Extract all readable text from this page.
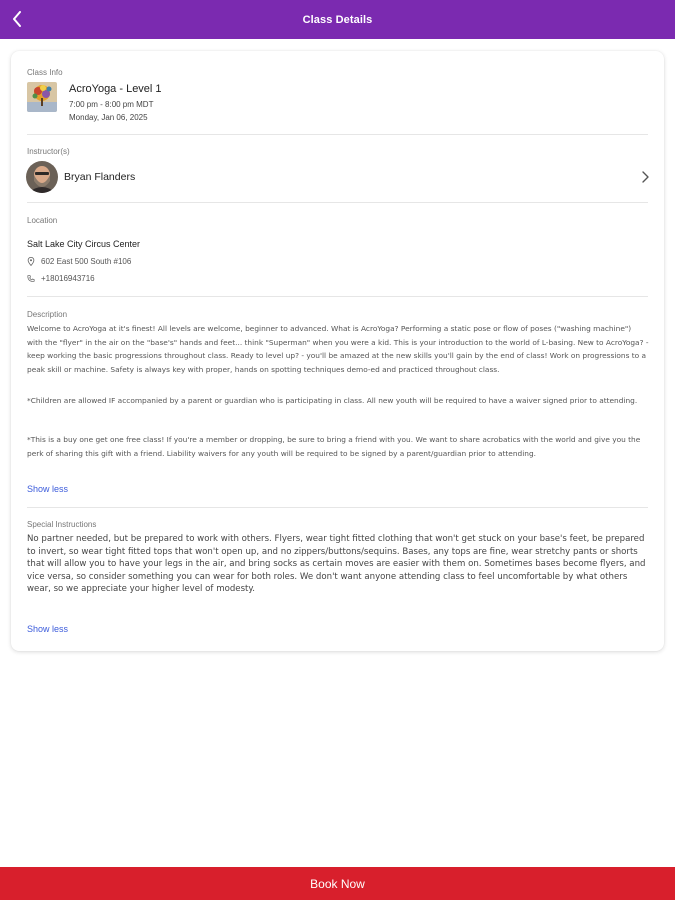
Class Details
Class Info
AcroYoga - Level 1
7:00 pm - 8:00 pm MDT
Monday, Jan 06, 2025
Instructor(s)
Bryan Flanders
Location
Salt Lake City Circus Center
602 East 500 South #106
+18016943716
Description

Welcome to AcroYoga at it's finest! All levels are welcome, beginner to advanced. What is AcroYoga? Performing a static pose or flow of poses ("washing machine") with the "flyer" in the air on the "base's" hands and feet... think "Superman" when you were a kid. This is your introduction to the world of L-basing. New to AcroYoga? - keep working the basic progressions throughout class. Ready to level up? - you'll be amazed at the new skills you'll gain by the end of class! Work on progressions to a peak skill or machine. Safety is always key with proper, hands on spotting techniques demo-ed and practiced throughout class.

*Children are allowed IF accompanied by a parent or guardian who is participating in class. All new youth will be required to have a waiver signed prior to attending.

*This is a buy one get one free class! If you're a member or dropping, be sure to bring a friend with you. We want to share acrobatics with the world and give you the perk of sharing this gift with a friend. Liability waivers for any youth will be required to be signed by a parent/guardian prior to attending.

Show less
Special Instructions
No partner needed, but be prepared to work with others. Flyers, wear tight fitted clothing that won't get stuck on your base's feet, be prepared to invert, so wear tight fitted tops that won't open up, and no zippers/buttons/sequins. Bases, any tops are fine, wear stretchy pants or shorts that will allow you to have your legs in the air, and bring socks as certain moves are easier with them on. Sometimes bases become flyers, and vice versa, so consider something you can wear for both roles. We don't want anyone attending class to feel uncomfortable by what others wear, so we appreciate your higher level of modesty.
Show less
Book Now
